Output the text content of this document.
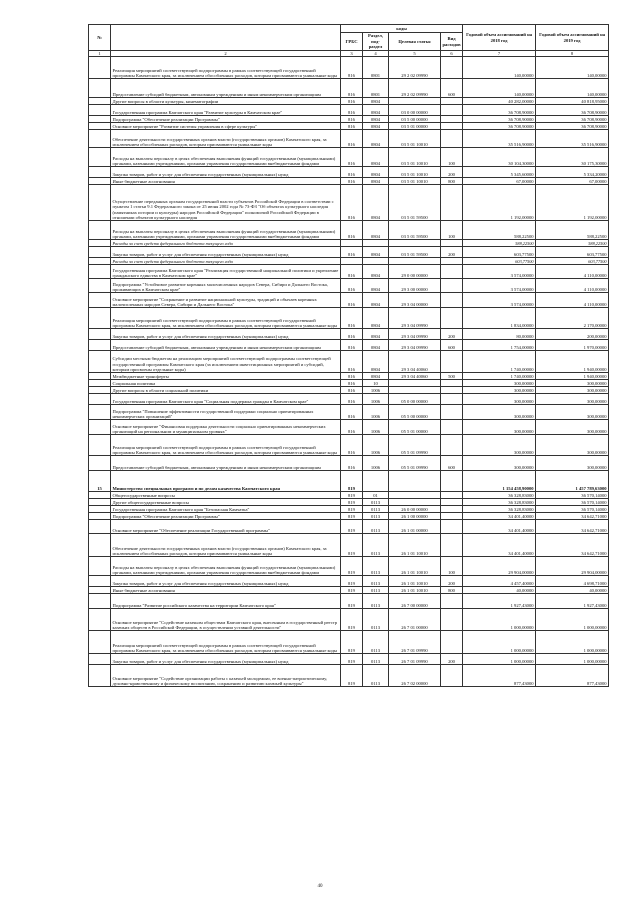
№		коды				Годовой объем ассигнований на 2018 год	Годовой объем ассигнований на 2019 год
		ГРБС	Раздел, под-раздел	Целевая статья	Вид расходов		
1	2	3	4	5	6	7	8
	Реализация мероприятий соответствующей подпрограммы в рамках соответствующей государственной программы Камчатского края, за исключением обособленных расходов, которым присваиваются уникальные коды	816	0801	29 2 02 09990		140,00000	140,00000
	Предоставление субсидий бюджетным, автономным учреждениям и иным некоммерческим организациям	816	0801	29 2 02 09990	600	140,00000	140,00000
	Другие вопросы в области культуры, кинематографии	816	0804			40 282,00000	40 818,95000
	Государственная программа Камчатского края "Развитие культуры в Камчатском крае"	816	0804	03 0 00 00000		36 708,90000	36 708,90000
	Подпрограмма "Обеспечение реализации Программы"	816	0804	03 5 00 00000		36 708,90000	36 708,90000
	Основное мероприятие "Развитие системы управления в сфере культуры"	816	0804	03 5 01 00000		36 708,90000	36 708,90000
	Обеспечение деятельности государственных органов власти (государственных органов) Камчатского края, за исключением обособленных расходов, которым присваиваются уникальные коды	816	0804	03 5 01 10010		35 516,90000	35 516,90000
	Расходы на выплаты персоналу в целях обеспечения выполнения функций государственными (муниципальными) органами, казенными учреждениями, органами управления государственными внебюджетными фондами	816	0804	03 5 01 10010	100	30 104,30000	30 175,30000
	Закупка товаров, работ и услуг для обеспечения государственных (муниципальных) нужд	816	0804	03 5 01 10010	200	5 345,60000	5 334,20000
	Иные бюджетные ассигнования	816	0804	03 5 01 10010	800	67,00000	67,00000
	Осуществление переданных органам государственной власти субъектов Российской Федерации в соответствии с пунктом 1 статьи 9.1 Федерального закона от 25 июня 2002 года № 73-ФЗ "Об объектах культурного наследия (памятниках истории и культуры) народов Российской Федерации" полномочий Российской Федерации в отношении объектов культурного наследия	816	0804	03 5 01 59500		1 192,00000	1 192,00000
	Расходы на выплаты персоналу в целях обеспечения выполнения функций государственными (муниципальными) органами, казенными учреждениями, органами управления государственными внебюджетными фондами	816	0804	03 5 01 59500	100	588,22500	588,22500
	Расходы за счет средств федерального бюджета текущего года					588,22500	588,22500
	Закупка товаров, работ и услуг для обеспечения государственных (муниципальных) нужд	816	0804	03 5 01 59500	200	603,77500	603,77500
	Расходы за счет средств федерального бюджета текущего года					603,77500	603,77500
	Государственная программа Камчатского края "Реализация государственной национальной политики и укрепление гражданского единства в Камчатском крае"	816	0804	29 0 00 00000		3 574,00000	4 110,00000
	Подпрограмма "Устойчивое развитие коренных малочисленных народов Севера, Сибири и Дальнего Востока, проживающих в Камчатском крае"	816	0804	29 3 00 00000		3 574,00000	4 110,00000
	Основное мероприятие "Сохранение и развитие национальной культуры, традиций и обычаев коренных малочисленных народов Севера, Сибири и Дальнего Востока"	816	0804	29 3 04 00000		3 574,00000	4 110,00000
	Реализация мероприятий соответствующей подпрограммы в рамках соответствующей государственной программы Камчатского края, за исключением обособленных расходов, которым присваиваются уникальные коды	816	0804	29 3 04 09990		1 834,00000	2 170,00000
	Закупка товаров, работ и услуг для обеспечения государственных (муниципальных) нужд	816	0804	29 3 04 09990	200	80,00000	200,00000
	Предоставление субсидий бюджетным, автономным учреждениям и иным некоммерческим организациям	816	0804	29 3 04 09990	600	1 754,00000	1 970,00000
	Субсидии местным бюджетам на реализацию мероприятий соответствующей подпрограммы соответствующей государственной программы Камчатского края (за исключением инвестиционных мероприятий и субсидий, которым присвоены отдельные коды)	816	0804	29 3 04 40060		1 740,00000	1 940,00000
	Межбюджетные трансферты	816	0804	29 3 04 40060	500	1 740,00000	1 940,00000
	Социальная политика	816	10			300,00000	300,00000
	Другие вопросы в области социальной политики	816	1006			300,00000	300,00000
	Государственная программа Камчатского края "Социальная поддержка граждан в Камчатском крае"	816	1006	05 0 00 00000		300,00000	300,00000
	Подпрограмма "Повышение эффективности государственной поддержки социально ориентированных некоммерческих организаций"	816	1006	05 5 00 00000		300,00000	300,00000
	Основное мероприятие "Финансовая поддержка деятельности социально ориентированных некоммерческих организаций на региональном и муниципальном уровнях"	816	1006	05 5 01 00000		300,00000	300,00000
	Реализация мероприятий соответствующей подпрограммы в рамках соответствующей государственной программы Камчатского края, за исключением обособленных расходов, которым присваиваются уникальные коды	816	1006	05 5 01 09990		300,00000	300,00000
	Предоставление субсидий бюджетным, автономным учреждениям и иным некоммерческим организациям	816	1006	05 5 01 09990	600	300,00000	300,00000
15	Министерство специальных программ и по делам казачества Камчатского края	819				1 154 458,90000	1 457 789,63000
	Общегосударственные вопросы	819	01			36 328,83000	36 570,14000
	Другие общегосударственные вопросы	819	0113			36 328,83000	36 570,14000
	Государственная программа Камчатского края "Безопасная Камчатка"	819	0113	26 0 00 00000		36 328,83000	36 570,14000
	Подпрограмма "Обеспечение реализации Программы"	819	0113	26 1 00 00000		34 401,40000	34 642,71000
	Основное мероприятие "Обеспечение реализации Государственной программы"	819	0113	26 1 01 00000		34 401,40000	34 642,71000
	Обеспечение деятельности государственных органов власти (государственных органов) Камчатского края, за исключением обособленных расходов, которым присваиваются уникальные коды	819	0113	26 1 01 10010		34 401,40000	34 642,71000
	Расходы на выплаты персоналу в целях обеспечения выполнения функций государственными (муниципальными) органами, казенными учреждениями, органами управления государственными внебюджетными фондами	819	0113	26 1 01 10010	100	29 904,00000	29 904,00000
	Закупка товаров, работ и услуг для обеспечения государственных (муниципальных) нужд	819	0113	26 1 01 10010	200	4 457,40000	4 698,71000
	Иные бюджетные ассигнования	819	0113	26 1 01 10010	800	40,00000	40,00000
	Подпрограмма "Развитие российского казачества на территории Камчатского края"	819	0113	26 7 00 00000		1 927,43000	1 927,43000
	Основное мероприятие "Содействие казачьим обществам Камчатского края, внесенным в государственный реестр казачьих обществ в Российской Федерации, в осуществлении уставной деятельности"	819	0113	26 7 01 00000		1 000,00000	1 000,00000
	Реализация мероприятий соответствующей подпрограммы в рамках соответствующей государственной программы Камчатского края, за исключением обособленных расходов, которым присваиваются уникальные коды	819	0113	26 7 01 09990		1 000,00000	1 000,00000
	Закупка товаров, работ и услуг для обеспечения государственных (муниципальных) нужд	819	0113	26 7 01 09990	200	1 000,00000	1 000,00000
	Основное мероприятие "Содействие организации работы с казачьей молодежью, ее военно-патриотическому, духовно-нравственному и физическому воспитанию, сохранению и развитию казачьей культуры"	819	0113	26 7 02 00000		877,43000	877,43000
40
